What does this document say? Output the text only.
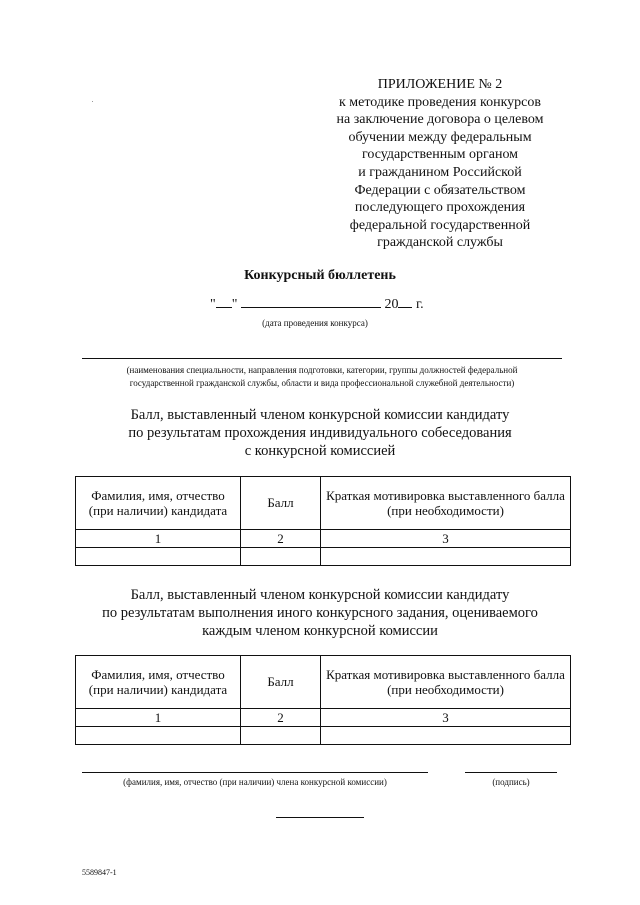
ПРИЛОЖЕНИЕ № 2
к методике проведения конкурсов
на заключение договора о целевом
обучении между федеральным
государственным органом
и гражданином Российской
Федерации с обязательством
последующего прохождения
федеральной государственной
гражданской службы
Конкурсный бюллетень
" "	20 г.
(дата проведения конкурса)
(наименования специальности, направления подготовки, категории, группы должностей федеральной
государственной гражданской службы, области и вида профессиональной служебной деятельности)
Балл, выставленный членом конкурсной комиссии кандидату
по результатам прохождения индивидуального собеседования
с конкурсной комиссией
Фамилия, имя, отчество (при наличии) кандидата	Балл	Краткая мотивировка выставленного балла (при необходимости)
1	2	3

Балл, выставленный членом конкурсной комиссии кандидату
по результатам выполнения иного конкурсного задания, оцениваемого
каждым членом конкурсной комиссии
Фамилия, имя, отчество (при наличии) кандидата	Балл	Краткая мотивировка выставленного балла (при необходимости)
1	2	3

(фамилия, имя, отчество (при наличии) члена конкурсной комиссии)	(подпись)
5589847-1
